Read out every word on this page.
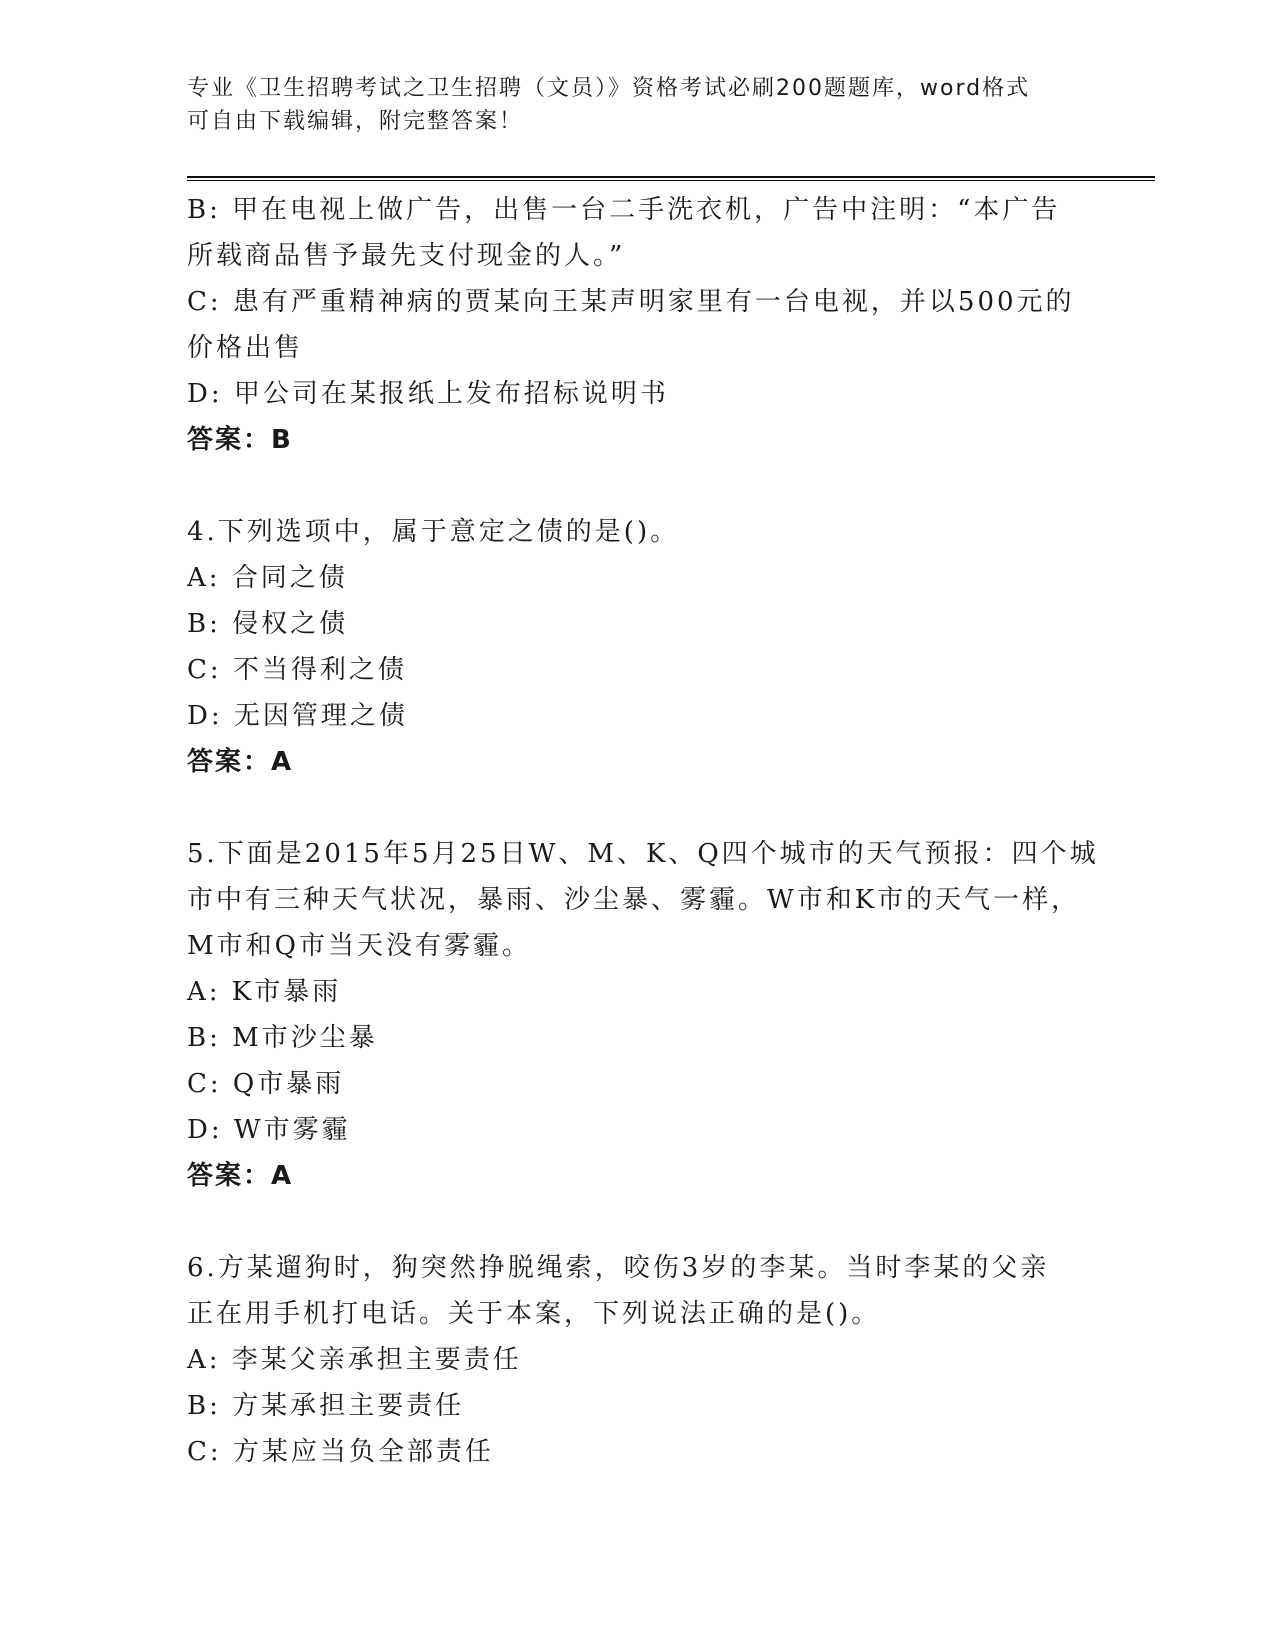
专业《卫生招聘考试之卫生招聘（文员）》资格考试必刷200题题库，word格式
可自由下载编辑，附完整答案！
B: 甲在电视上做广告，出售一台二手洗衣机，广告中注明：“本广告
所载商品售予最先支付现金的人。”
C: 患有严重精神病的贾某向王某声明家里有一台电视，并以500元的
价格出售
D: 甲公司在某报纸上发布招标说明书
答案：B
4.下列选项中，属于意定之债的是()。
A: 合同之债
B: 侵权之债
C: 不当得利之债
D: 无因管理之债
答案：A
5.下面是2015年5月25日W、M、K、Q四个城市的天气预报：四个城
市中有三种天气状况，暴雨、沙尘暴、雾霾。W市和K市的天气一样，
M市和Q市当天没有雾霾。
A: K市暴雨
B: M市沙尘暴
C: Q市暴雨
D: W市雾霾
答案：A
6.方某遛狗时，狗突然挣脱绳索，咬伤3岁的李某。当时李某的父亲
正在用手机打电话。关于本案，下列说法正确的是()。
A: 李某父亲承担主要责任
B: 方某承担主要责任
C: 方某应当负全部责任
